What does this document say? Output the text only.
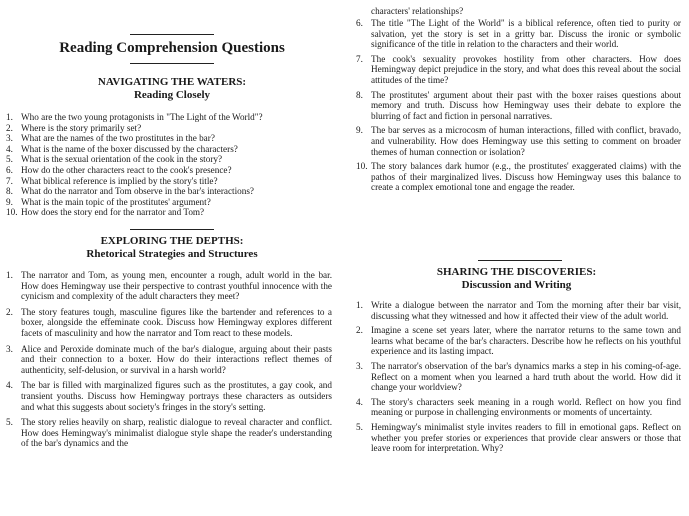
Reading Comprehension Questions
NAVIGATING THE WATERS:
Reading Closely
1. Who are the two young protagonists in "The Light of the World"?
2. Where is the story primarily set?
3. What are the names of the two prostitutes in the bar?
4. What is the name of the boxer discussed by the characters?
5. What is the sexual orientation of the cook in the story?
6. How do the other characters react to the cook's presence?
7. What biblical reference is implied by the story's title?
8. What do the narrator and Tom observe in the bar's interactions?
9. What is the main topic of the prostitutes' argument?
10. How does the story end for the narrator and Tom?
EXPLORING THE DEPTHS:
Rhetorical Strategies and Structures
1. The narrator and Tom, as young men, encounter a rough, adult world in the bar. How does Hemingway use their perspective to contrast youthful innocence with the cynicism and complexity of the adult characters they meet?
2. The story features tough, masculine figures like the bartender and references to a boxer, alongside the effeminate cook. Discuss how Hemingway explores different facets of masculinity and how the narrator and Tom react to these models.
3. Alice and Peroxide dominate much of the bar's dialogue, arguing about their pasts and their connection to a boxer. How do their interactions reflect themes of authenticity, self-delusion, or survival in a harsh world?
4. The bar is filled with marginalized figures such as the prostitutes, a gay cook, and transient youths. Discuss how Hemingway portrays these characters as outsiders and what this suggests about society's fringes in the story's setting.
5. The story relies heavily on sharp, realistic dialogue to reveal character and conflict. How does Hemingway's minimalist dialogue style shape the reader's understanding of the bar's dynamics and the
characters' relationships?
6. The title "The Light of the World" is a biblical reference, often tied to purity or salvation, yet the story is set in a gritty bar. Discuss the ironic or symbolic significance of the title in relation to the characters and their world.
7. The cook's sexuality provokes hostility from other characters. How does Hemingway depict prejudice in the story, and what does this reveal about the social attitudes of the time?
8. The prostitutes' argument about their past with the boxer raises questions about memory and truth. Discuss how Hemingway uses their debate to explore the blurring of fact and fiction in personal narratives.
9. The bar serves as a microcosm of human interactions, filled with conflict, bravado, and vulnerability. How does Hemingway use this setting to comment on broader themes of human connection or isolation?
10. The story balances dark humor (e.g., the prostitutes' exaggerated claims) with the pathos of their marginalized lives. Discuss how Hemingway uses this balance to create a complex emotional tone and engage the reader.
SHARING THE DISCOVERIES:
Discussion and Writing
1. Write a dialogue between the narrator and Tom the morning after their bar visit, discussing what they witnessed and how it affected their view of the adult world.
2. Imagine a scene set years later, where the narrator returns to the same town and learns what became of the bar's characters. Describe how he reflects on his youthful experience and its lasting impact.
3. The narrator's observation of the bar's dynamics marks a step in his coming-of-age. Reflect on a moment when you learned a hard truth about the world. How did it change your worldview?
4. The story's characters seek meaning in a rough world. Reflect on how you find meaning or purpose in challenging environments or moments of uncertainty.
5. Hemingway's minimalist style invites readers to fill in emotional gaps. Reflect on whether you prefer stories or experiences that provide clear answers or those that leave room for interpretation. Why?
